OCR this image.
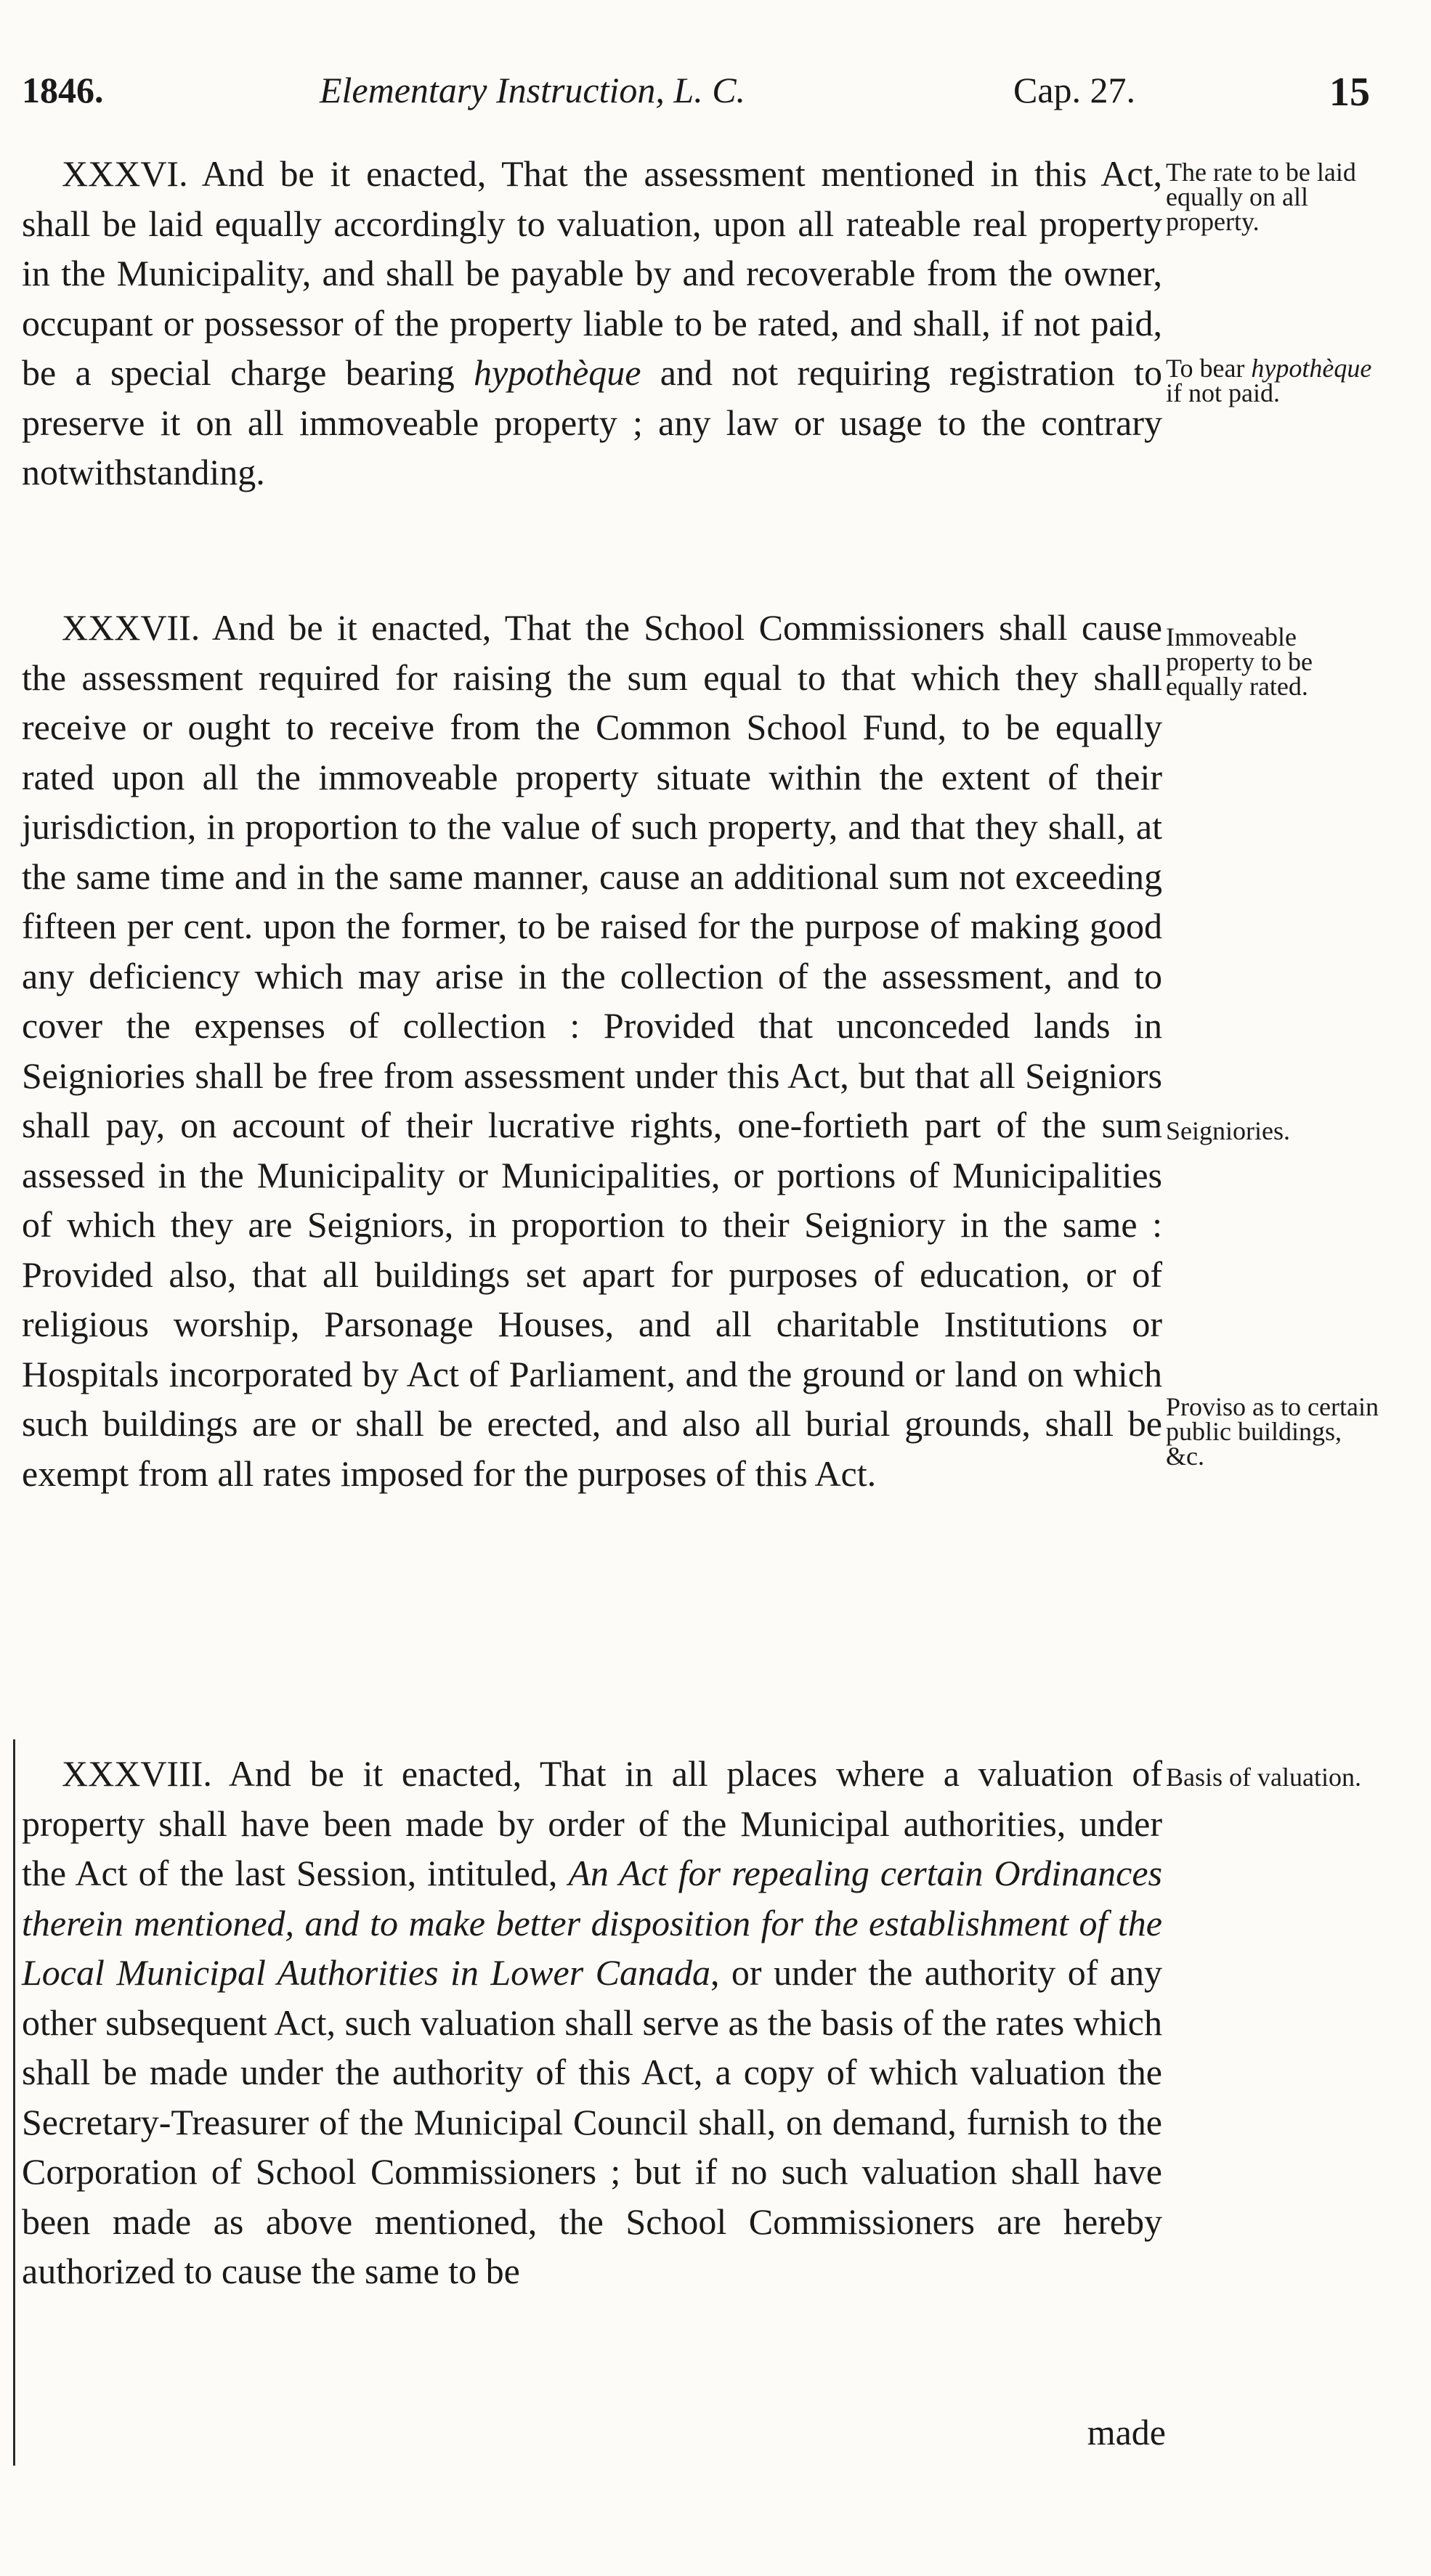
1846.	Elementary Instruction, L. C.	Cap. 27.	15

XXXVI. And be it enacted, That the assessment mentioned in this Act, shall be laid equally accordingly to valuation, upon all rateable real property in the Municipality, and shall be payable by and recoverable from the owner, occupant or possessor of the property liable to be rated, and shall, if not paid, be a special charge bearing hypothèque and not requiring registration to preserve it on all immoveable property ; any law or usage to the contrary notwithstanding.

The rate to be laid equally on all property.
To bear hypothèque if not paid.

XXXVII. And be it enacted, That the School Commissioners shall cause the assessment required for raising the sum equal to that which they shall receive or ought to receive from the Common School Fund, to be equally rated upon all the immoveable property situate within the extent of their jurisdiction, in proportion to the value of such property, and that they shall, at the same time and in the same manner, cause an additional sum not exceeding fifteen per cent. upon the former, to be raised for the purpose of making good any deficiency which may arise in the collection of the assessment, and to cover the expenses of collection : Provided that unconceded lands in Seigniories shall be free from assessment under this Act, but that all Seigniors shall pay, on account of their lucrative rights, one-fortieth part of the sum assessed in the Municipality or Municipalities, or portions of Municipalities of which they are Seigniors, in proportion to their Seigniory in the same : Provided also, that all buildings set apart for purposes of education, or of religious worship, Parsonage Houses, and all charitable Institutions or Hospitals incorporated by Act of Parliament, and the ground or land on which such buildings are or shall be erected, and also all burial grounds, shall be exempt from all rates imposed for the purposes of this Act.

Immoveable property to be equally rated.
Seigniories.
Proviso as to certain public buildings, &c.

XXXVIII. And be it enacted, That in all places where a valuation of property shall have been made by order of the Municipal authorities, under the Act of the last Session, intituled, An Act for repealing certain Ordinances therein mentioned, and to make better disposition for the establishment of the Local Municipal Authorities in Lower Canada, or under the authority of any other subsequent Act, such valuation shall serve as the basis of the rates which shall be made under the authority of this Act, a copy of which valuation the Secretary-Treasurer of the Municipal Council shall, on demand, furnish to the Corporation of School Commissioners ; but if no such valuation shall have been made as above mentioned, the School Commissioners are hereby authorized to cause the same to be

Basis of valuation.
made
